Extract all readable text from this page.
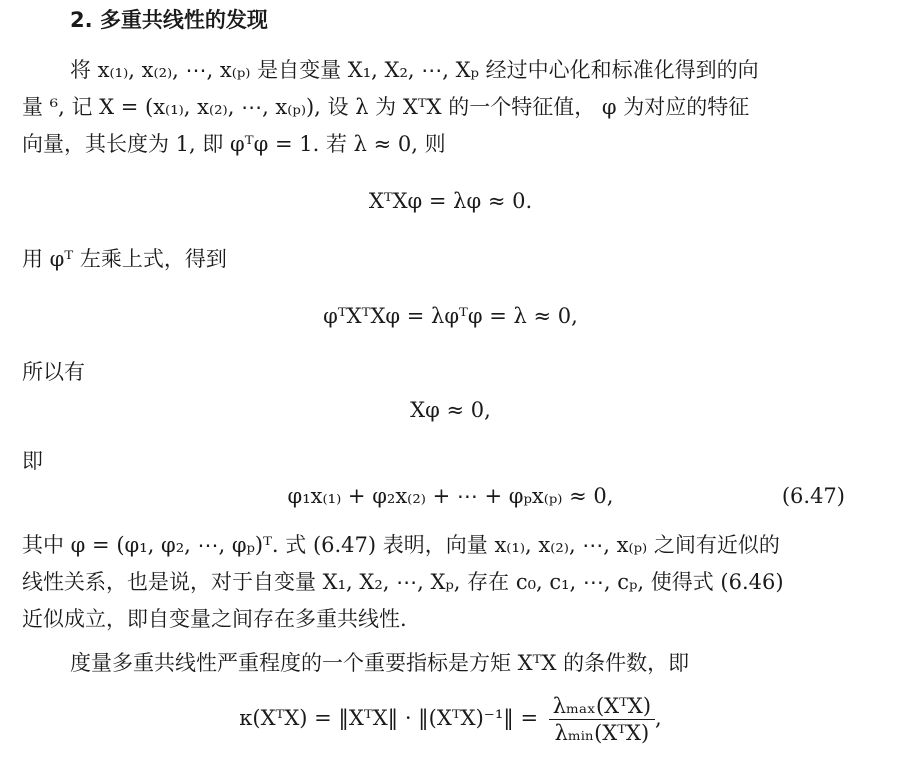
2. 多重共线性的发现
将 x₍₁₎, x₍₂₎, ⋯, x₍ₚ₎ 是自变量 X₁, X₂, ⋯, Xₚ 经过中心化和标准化得到的向
量 ⁶, 记 X = (x₍₁₎, x₍₂₎, ⋯, x₍ₚ₎), 设 λ 为 XᵀX 的一个特征值， φ 为对应的特征
向量，其长度为 1, 即 φᵀφ = 1. 若 λ ≈ 0, 则
XᵀXφ = λφ ≈ 0.
用 φᵀ 左乘上式，得到
φᵀXᵀXφ = λφᵀφ = λ ≈ 0,
所以有
Xφ ≈ 0,
即
φ₁x₍₁₎ + φ₂x₍₂₎ + ⋯ + φₚx₍ₚ₎ ≈ 0,	(6.47)
其中 φ = (φ₁, φ₂, ⋯, φₚ)ᵀ. 式 (6.47) 表明，向量 x₍₁₎, x₍₂₎, ⋯, x₍ₚ₎ 之间有近似的
线性关系，也是说，对于自变量 X₁, X₂, ⋯, Xₚ, 存在 c₀, c₁, ⋯, cₚ, 使得式 (6.46)
近似成立，即自变量之间存在多重共线性.
度量多重共线性严重程度的一个重要指标是方矩 XᵀX 的条件数，即
κ(XᵀX) = ‖XᵀX‖ · ‖(XᵀX)⁻¹‖ = $\frac{\text{λₘₐₓ(XᵀX)}}{\text{λₘᵢₙ(XᵀX)}}$ ,
